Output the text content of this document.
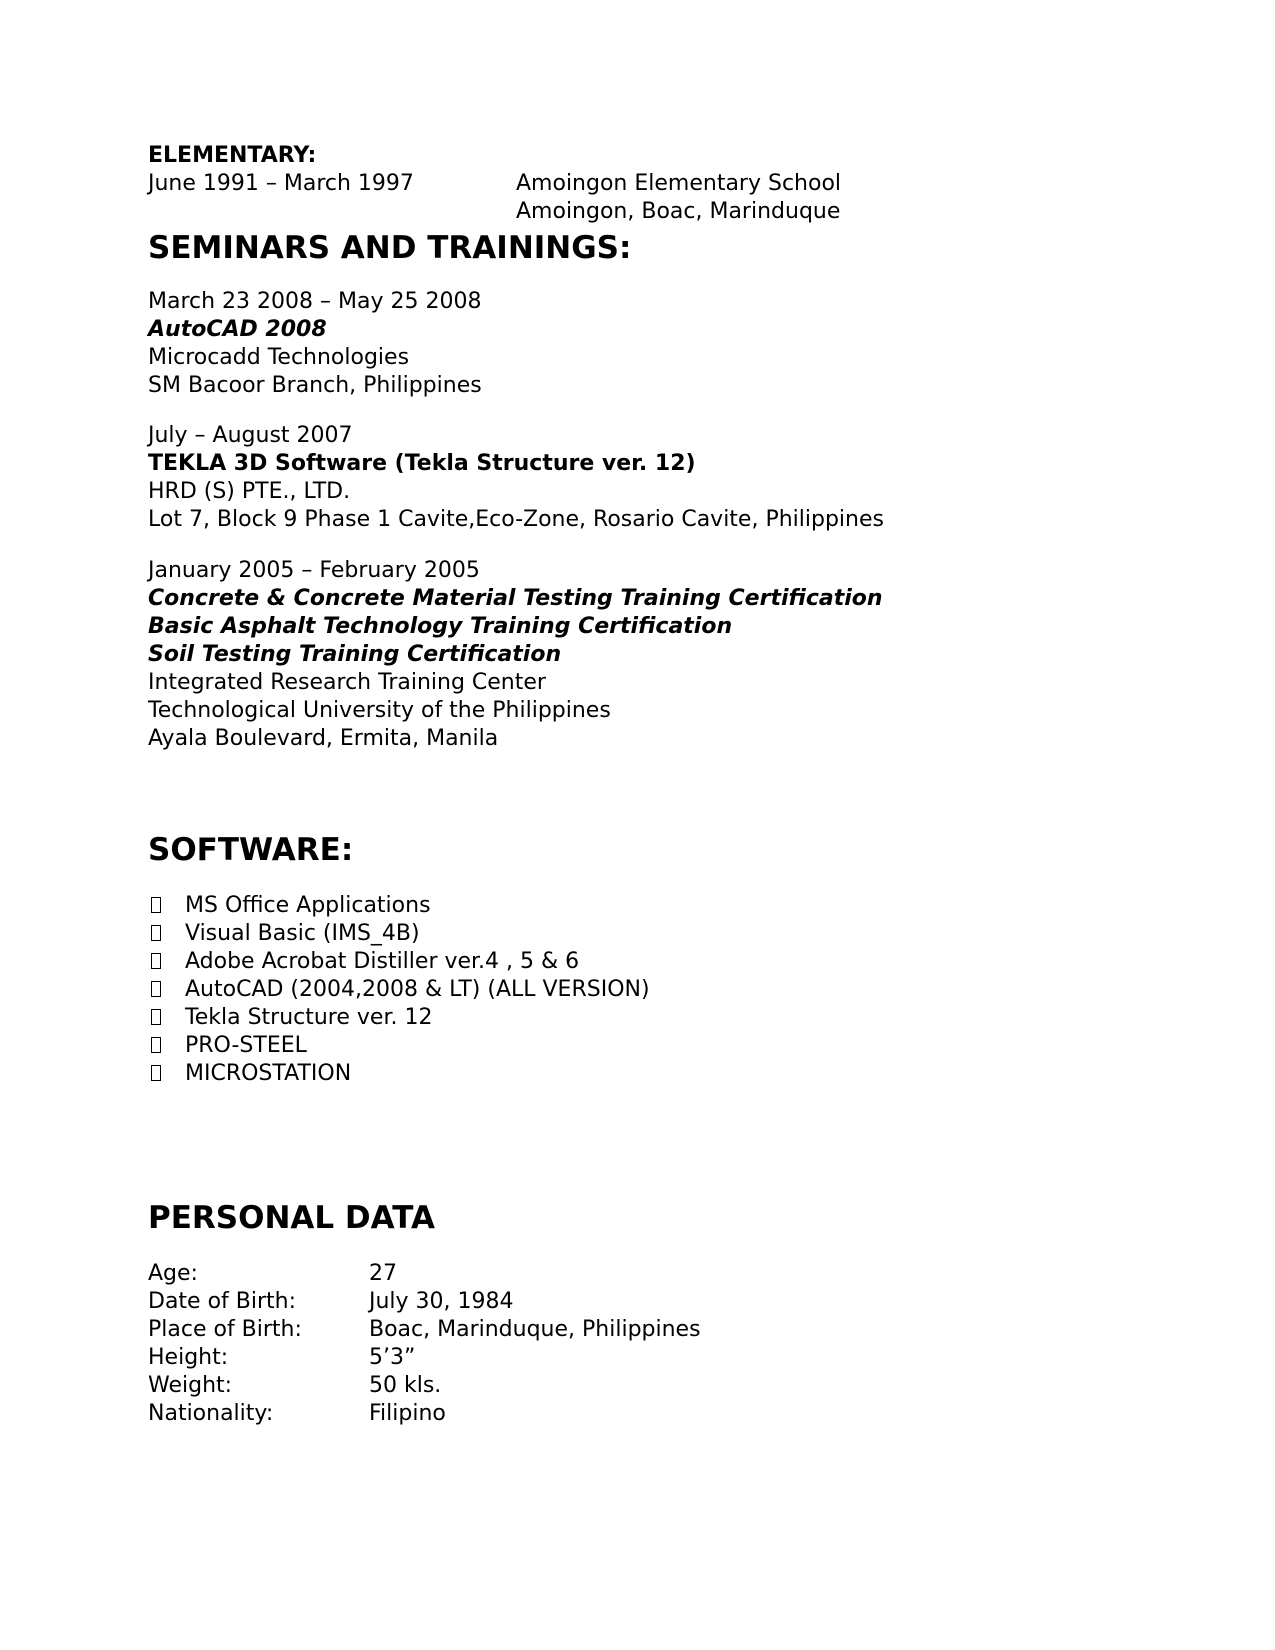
ELEMENTARY:
June 1991 – March 1997	Amoingon Elementary School
Amoingon, Boac, Marinduque
SEMINARS AND TRAININGS:
March 23 2008 – May 25 2008
AutoCAD 2008
Microcadd Technologies
SM Bacoor Branch, Philippines
July – August 2007
TEKLA 3D Software (Tekla Structure ver. 12)
HRD (S) PTE., LTD.
Lot 7, Block 9 Phase 1 Cavite,Eco-Zone, Rosario Cavite, Philippines
January 2005 – February 2005
Concrete & Concrete Material Testing Training Certification
Basic Asphalt Technology Training Certification
Soil Testing Training Certification
Integrated Research Training Center
Technological University of the Philippines
Ayala Boulevard, Ermita, Manila
SOFTWARE:
MS Office Applications
Visual Basic (IMS_4B)
Adobe Acrobat Distiller ver.4 , 5 & 6
AutoCAD (2004,2008 & LT) (ALL VERSION)
Tekla Structure ver. 12
PRO-STEEL
MICROSTATION
PERSONAL DATA
Age:	27
Date of Birth:	July 30, 1984
Place of Birth:	Boac, Marinduque, Philippines
Height:	5’3”
Weight:	50 kls.
Nationality:	Filipino
